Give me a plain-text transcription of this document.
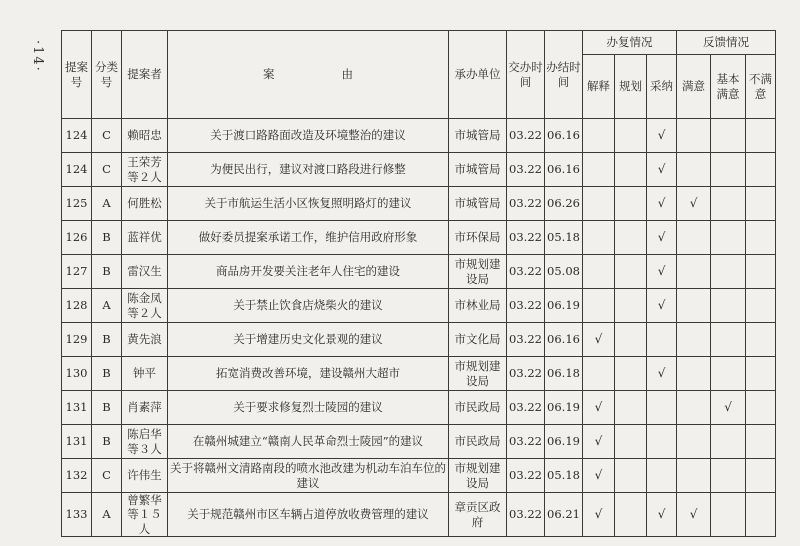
·14· 提案号	分类号	提案者	案 由	承办单位	交办时间	办结时间	办复情况			反馈情况		
							解释	规划	采纳	满意	基本满意	不满意
124	C	赖昭忠	关于渡口路路面改造及环境整治的建议	市城管局	03.22	06.16			√			
124	C	王荣芳等２人	为便民出行，建议对渡口路段进行修整	市城管局	03.22	06.16			√			
125	A	何胜松	关于市航运生活小区恢复照明路灯的建议	市城管局	03.22	06.26			√	√		
126	B	蓝祥优	做好委员提案承诺工作，维护信用政府形象	市环保局	03.22	05.18			√			
127	B	雷汉生	商品房开发要关注老年人住宅的建设	市规划建设局	03.22	05.08			√			
128	A	陈金凤等２人	关于禁止饮食店烧柴火的建议	市林业局	03.22	06.19			√			
129	B	黄先浪	关于增建历史文化景观的建议	市文化局	03.22	06.16	√					
130	B	钟平	拓宽消费改善环境，建设赣州大超市	市规划建设局	03.22	06.18			√			
131	B	肖素萍	关于要求修复烈士陵园的建议	市民政局	03.22	06.19	√				√	
131	B	陈启华等３人	在赣州城建立“赣南人民革命烈士陵园”的建议	市民政局	03.22	06.19	√					
132	C	许伟生	关于将赣州文清路南段的喷水池改建为机动车泊车位的建议	市规划建设局	03.22	05.18	√					
133	A	曾繁华等１５人	关于规范赣州市区车辆占道停放收费管理的建议	章贡区政府	03.22	06.21	√		√	√		
